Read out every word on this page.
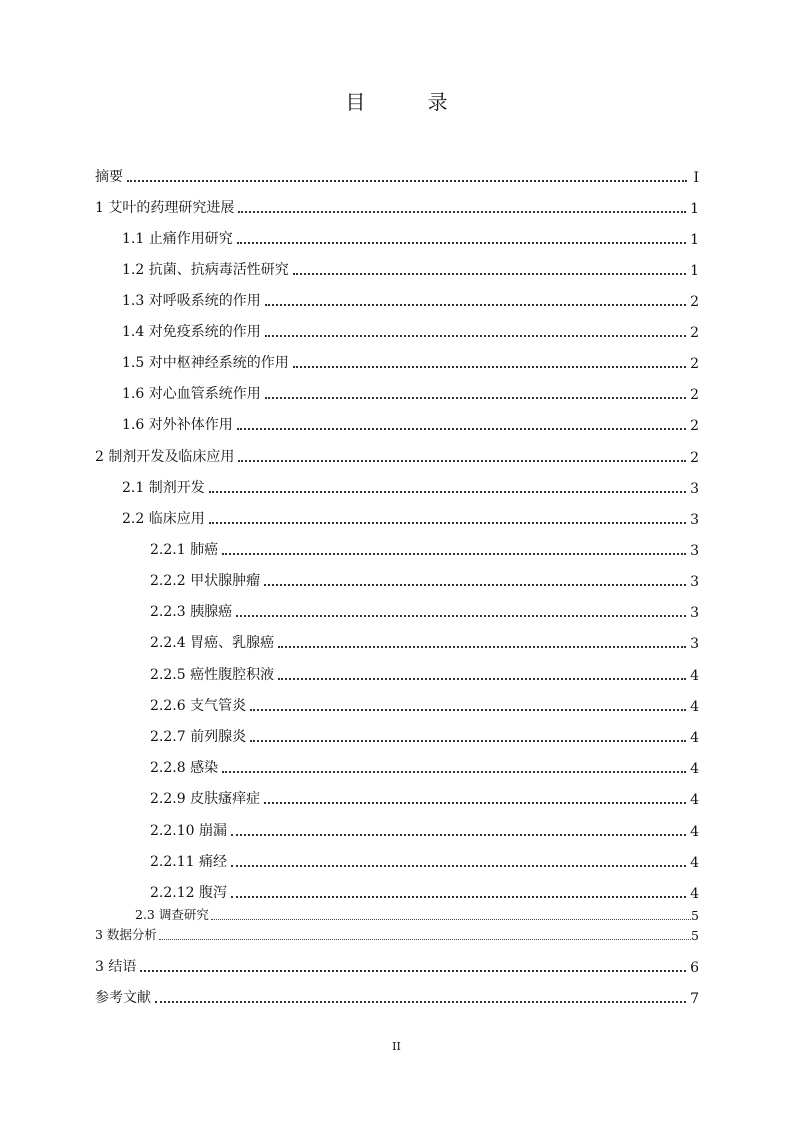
目 录
摘要	I
1 艾叶的药理研究进展	1
1.1 止痛作用研究	1
1.2 抗菌、抗病毒活性研究	1
1.3 对呼吸系统的作用	2
1.4 对免疫系统的作用	2
1.5 对中枢神经系统的作用	2
1.6 对心血管系统作用	2
1.6 对外补体作用	2
2 制剂开发及临床应用	2
2.1 制剂开发	3
2.2 临床应用	3
2.2.1 肺癌	3
2.2.2 甲状腺肿瘤	3
2.2.3 胰腺癌	3
2.2.4 胃癌、乳腺癌	3
2.2.5 癌性腹腔积液	4
2.2.6 支气管炎	4
2.2.7 前列腺炎	4
2.2.8 感染	4
2.2.9 皮肤瘙痒症	4
2.2.10 崩漏	4
2.2.11 痛经	4
2.2.12 腹泻	4
2.3 调查研究	5
3 数据分析	5
3 结语	6
参考文献	7
II
